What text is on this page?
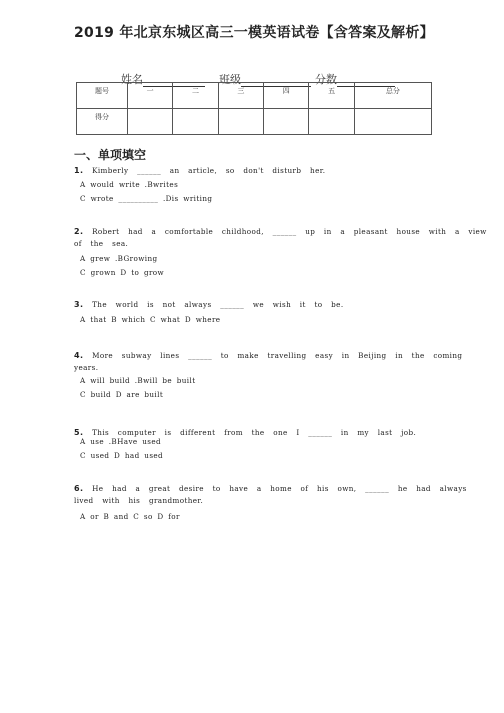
2019 年北京东城区高三一模英语试卷【含答案及解析】

姓名	班级	分数

题号	一	二	三	四	五	总分
得分						
一、单项填空
1. Kimberly ______ an article, so don't disturb her.
A would write .Bwrites
C wrote __________ .Dis writing
2. Robert had a comfortable childhood, ______ up in a pleasant house with a view of the sea.
A grew .BGrowing
C grown D to grow
3. The world is not always ______ we wish it to be.
A that B which C what D where
4. More subway lines ______ to make travelling easy in Beijing in the coming years.
A will build .Bwill be built
C build D are built
5. This computer is different from the one I ______ in my last job.
A use .BHave used
C used D had used
6. He had a great desire to have a home of his own, ______ he had always lived with his grandmother.
A or B and C so D for
